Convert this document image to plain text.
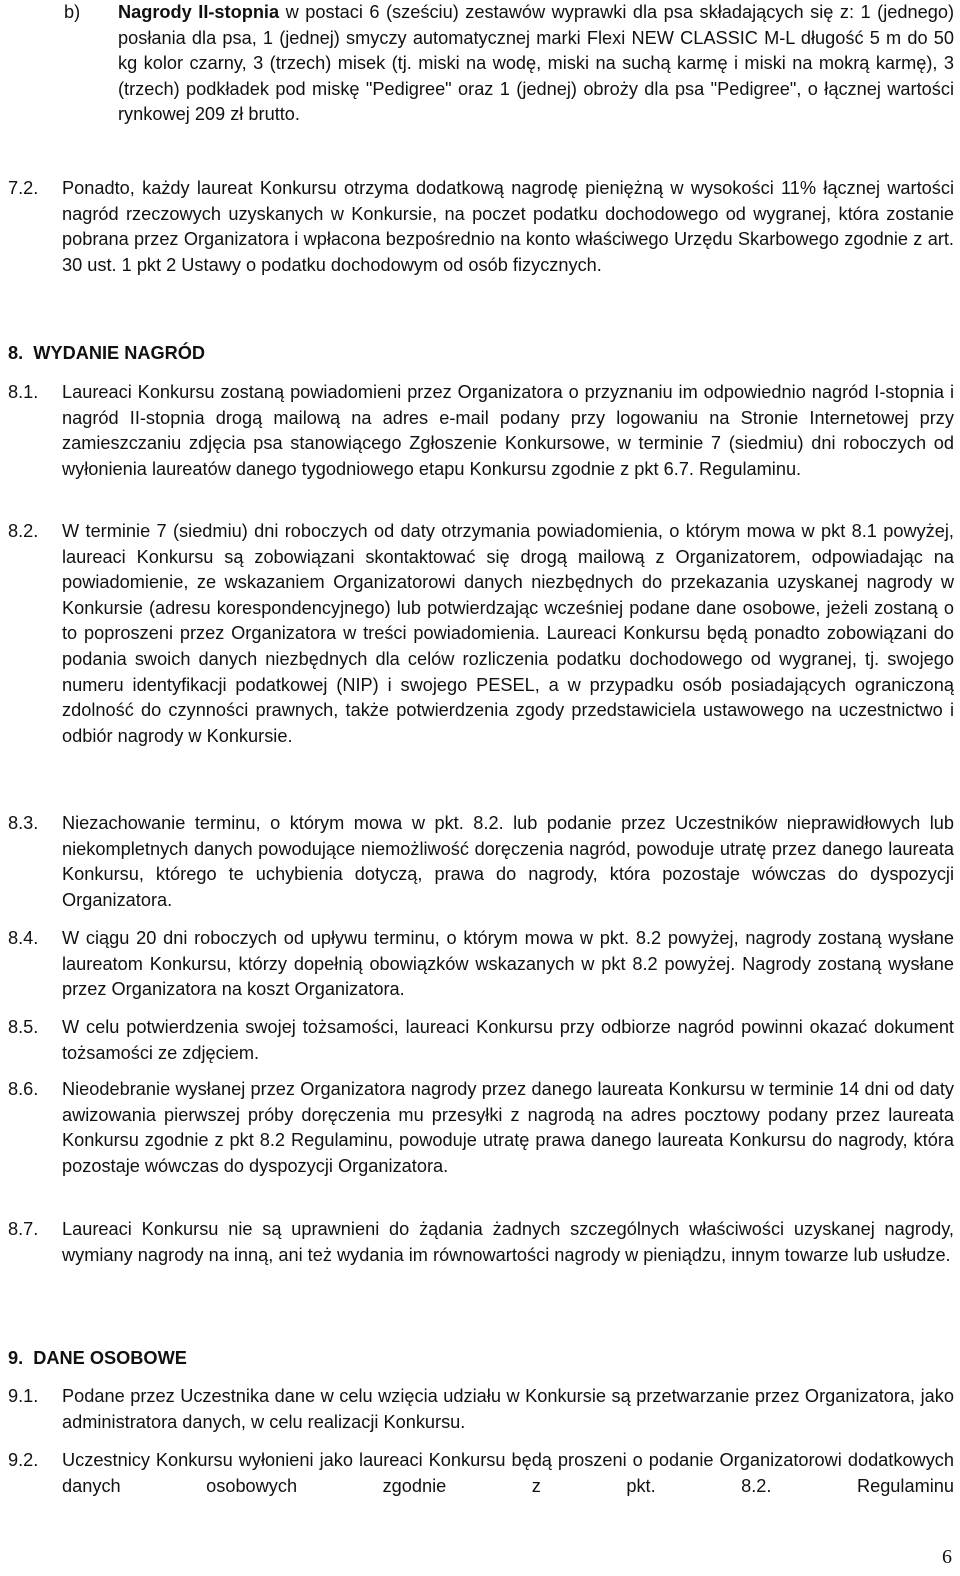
b)	Nagrody II-stopnia w postaci 6 (sześciu) zestawów wyprawki dla psa składających się z: 1 (jednego) posłania dla psa, 1 (jednej) smyczy automatycznej marki Flexi NEW CLASSIC M-L długość 5 m do 50 kg kolor czarny, 3 (trzech) misek (tj. miski na wodę, miski na suchą karmę i miski na mokrą karmę), 3 (trzech) podkładek pod miskę "Pedigree" oraz 1 (jednej) obroży dla psa "Pedigree", o łącznej wartości rynkowej 209 zł brutto.
7.2.	Ponadto, każdy laureat Konkursu otrzyma dodatkową nagrodę pieniężną w wysokości 11% łącznej wartości nagród rzeczowych uzyskanych w Konkursie, na poczet podatku dochodowego od wygranej, która zostanie pobrana przez Organizatora i wpłacona bezpośrednio na konto właściwego Urzędu Skarbowego zgodnie z art. 30 ust. 1 pkt 2 Ustawy o podatku dochodowym od osób fizycznych.
8. WYDANIE NAGRÓD
8.1.	Laureaci Konkursu zostaną powiadomieni przez Organizatora o przyznaniu im odpowiednio nagród I-stopnia i nagród II-stopnia drogą mailową na adres e-mail podany przy logowaniu na Stronie Internetowej przy zamieszczaniu zdjęcia psa stanowiącego Zgłoszenie Konkursowe, w terminie 7 (siedmiu) dni roboczych od wyłonienia laureatów danego tygodniowego etapu Konkursu zgodnie z pkt 6.7. Regulaminu.
8.2.	W terminie 7 (siedmiu) dni roboczych od daty otrzymania powiadomienia, o którym mowa w pkt 8.1 powyżej, laureaci Konkursu są zobowiązani skontaktować się drogą mailową z Organizatorem, odpowiadając na powiadomienie, ze wskazaniem Organizatorowi danych niezbędnych do przekazania uzyskanej nagrody w Konkursie (adresu korespondencyjnego) lub potwierdzając wcześniej podane dane osobowe, jeżeli zostaną o to poproszeni przez Organizatora w treści powiadomienia. Laureaci Konkursu będą ponadto zobowiązani do podania swoich danych niezbędnych dla celów rozliczenia podatku dochodowego od wygranej, tj. swojego numeru identyfikacji podatkowej (NIP) i swojego PESEL, a w przypadku osób posiadających ograniczoną zdolność do czynności prawnych, także potwierdzenia zgody przedstawiciela ustawowego na uczestnictwo i odbiór nagrody w Konkursie.
8.3.	Niezachowanie terminu, o którym mowa w pkt. 8.2. lub podanie przez Uczestników nieprawidłowych lub niekompletnych danych powodujące niemożliwość doręczenia nagród, powoduje utratę przez danego laureata Konkursu, którego te uchybienia dotyczą, prawa do nagrody, która pozostaje wówczas do dyspozycji Organizatora.
8.4.	W ciągu 20 dni roboczych od upływu terminu, o którym mowa w pkt. 8.2 powyżej, nagrody zostaną wysłane laureatom Konkursu, którzy dopełnią obowiązków wskazanych w pkt 8.2 powyżej. Nagrody zostaną wysłane przez Organizatora na koszt Organizatora.
8.5.	W celu potwierdzenia swojej tożsamości, laureaci Konkursu przy odbiorze nagród powinni okazać dokument tożsamości ze zdjęciem.
8.6.	Nieodebranie wysłanej przez Organizatora nagrody przez danego laureata Konkursu w terminie 14 dni od daty awizowania pierwszej próby doręczenia mu przesyłki z nagrodą na adres pocztowy podany przez laureata Konkursu zgodnie z pkt 8.2 Regulaminu, powoduje utratę prawa danego laureata Konkursu do nagrody, która pozostaje wówczas do dyspozycji Organizatora.
8.7.	Laureaci Konkursu nie są uprawnieni do żądania żadnych szczególnych właściwości uzyskanej nagrody, wymiany nagrody na inną, ani też wydania im równowartości nagrody w pieniądzu, innym towarze lub usłudze.
9. DANE OSOBOWE
9.1.	Podane przez Uczestnika dane w celu wzięcia udziału w Konkursie są przetwarzanie przez Organizatora, jako administratora danych, w celu realizacji Konkursu.
9.2.	Uczestnicy Konkursu wyłonieni jako laureaci Konkursu będą proszeni o podanie Organizatorowi dodatkowych danych osobowych zgodnie z pkt. 8.2. Regulaminu
6
